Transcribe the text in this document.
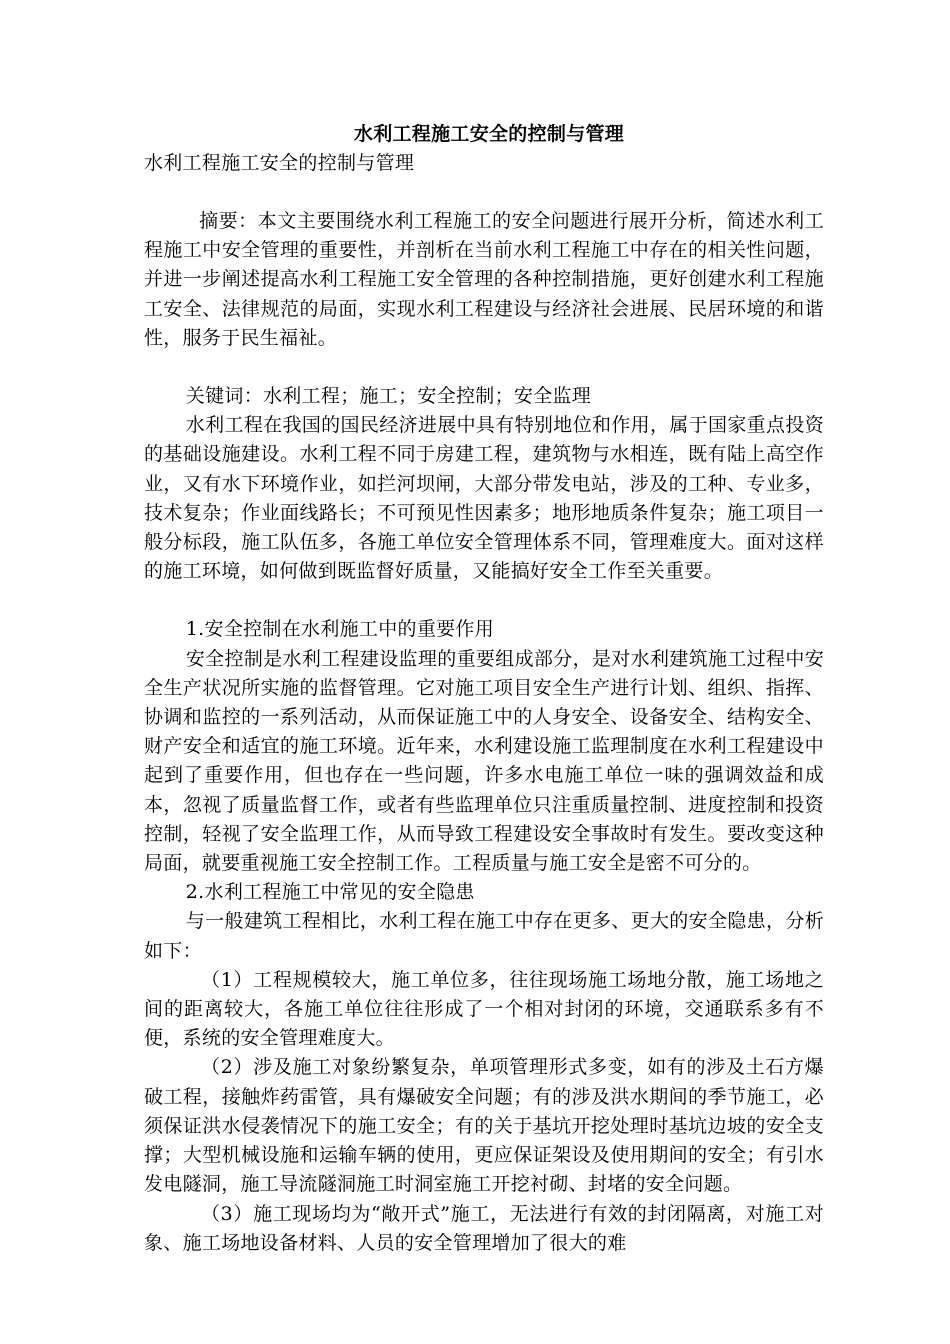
水利工程施工安全的控制与管理

水利工程施工安全的控制与管理

摘要：本文主要围绕水利工程施工的安全问题进行展开分析，简述水利工程施工中安全管理的重要性，并剖析在当前水利工程施工中存在的相关性问题，并进一步阐述提高水利工程施工安全管理的各种控制措施，更好创建水利工程施工安全、法律规范的局面，实现水利工程建设与经济社会进展、民居环境的和谐性，服务于民生福祉。

关键词：水利工程；施工；安全控制；安全监理

水利工程在我国的国民经济进展中具有特别地位和作用，属于国家重点投资的基础设施建设。水利工程不同于房建工程，建筑物与水相连，既有陆上高空作业，又有水下环境作业，如拦河坝闸，大部分带发电站，涉及的工种、专业多，技术复杂；作业面线路长；不可预见性因素多；地形地质条件复杂；施工项目一般分标段，施工队伍多，各施工单位安全管理体系不同，管理难度大。面对这样的施工环境，如何做到既监督好质量，又能搞好安全工作至关重要。

1.安全控制在水利施工中的重要作用

安全控制是水利工程建设监理的重要组成部分，是对水利建筑施工过程中安全生产状况所实施的监督管理。它对施工项目安全生产进行计划、组织、指挥、协调和监控的一系列活动，从而保证施工中的人身安全、设备安全、结构安全、财产安全和适宜的施工环境。近年来，水利建设施工监理制度在水利工程建设中起到了重要作用，但也存在一些问题，许多水电施工单位一味的强调效益和成本，忽视了质量监督工作，或者有些监理单位只注重质量控制、进度控制和投资控制，轻视了安全监理工作，从而导致工程建设安全事故时有发生。要改变这种局面，就要重视施工安全控制工作。工程质量与施工安全是密不可分的。

2.水利工程施工中常见的安全隐患

与一般建筑工程相比，水利工程在施工中存在更多、更大的安全隐患，分析如下：

（1）工程规模较大，施工单位多，往往现场施工场地分散，施工场地之间的距离较大，各施工单位往往形成了一个相对封闭的环境，交通联系多有不便，系统的安全管理难度大。

（2）涉及施工对象纷繁复杂，单项管理形式多变，如有的涉及土石方爆破工程，接触炸药雷管，具有爆破安全问题；有的涉及洪水期间的季节施工，必须保证洪水侵袭情况下的施工安全；有的关于基坑开挖处理时基坑边坡的安全支撑；大型机械设施和运输车辆的使用，更应保证架设及使用期间的安全；有引水发电隧洞，施工导流隧洞施工时洞室施工开挖衬砌、封堵的安全问题。

（3）施工现场均为“敞开式”施工，无法进行有效的封闭隔离，对施工对象、施工场地设备材料、人员的安全管理增加了很大的难
